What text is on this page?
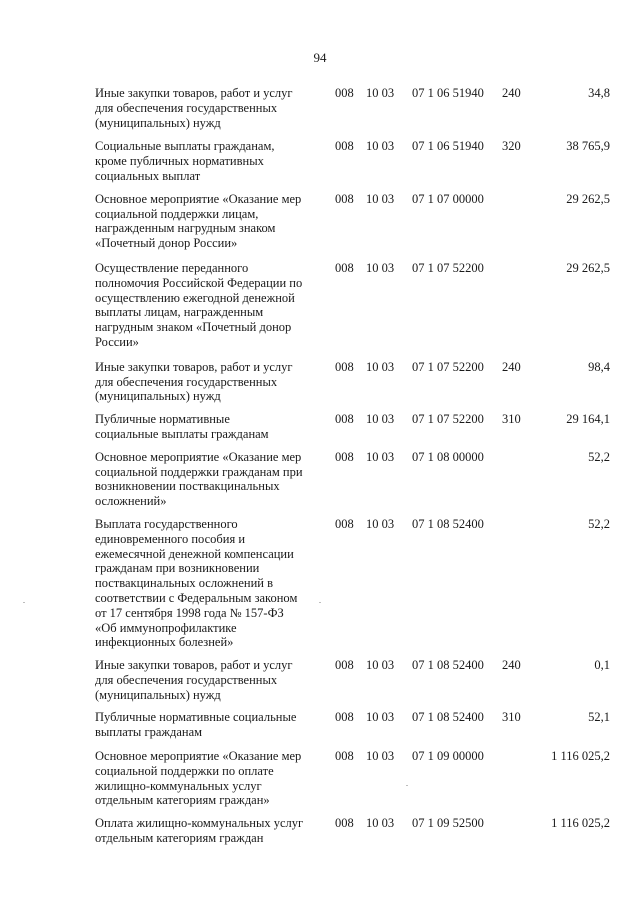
94
Иные закупки товаров, работ и услуг
для обеспечения государственных
(муниципальных) нужд
008 10 03 07 1 06 51940 240	34,8
Социальные выплаты гражданам,
кроме публичных нормативных
социальных выплат
008 10 03 07 1 06 51940 320	38 765,9
Основное мероприятие «Оказание мер
социальной поддержки лицам,
награжденным нагрудным знаком
«Почетный донор России»
008 10 03 07 1 07 00000	29 262,5
Осуществление переданного
полномочия Российской Федерации по
осуществлению ежегодной денежной
выплаты лицам, награжденным
нагрудным знаком «Почетный донор
России»
008 10 03 07 1 07 52200	29 262,5
Иные закупки товаров, работ и услуг
для обеспечения государственных
(муниципальных) нужд
008 10 03 07 1 07 52200 240	98,4
Публичные нормативные
социальные выплаты гражданам
008 10 03 07 1 07 52200 310	29 164,1
Основное мероприятие «Оказание мер
социальной поддержки гражданам при
возникновении поствакцинальных
осложнений»
008 10 03 07 1 08 00000	52,2
Выплата государственного
единовременного пособия и
ежемесячной денежной компенсации
гражданам при возникновении
поствакцинальных осложнений в
соответствии с Федеральным законом
от 17 сентября 1998 года № 157-ФЗ
«Об иммунопрофилактике
инфекционных болезней»
008 10 03 07 1 08 52400	52,2
Иные закупки товаров, работ и услуг
для обеспечения государственных
(муниципальных) нужд
008 10 03 07 1 08 52400 240	0,1
Публичные нормативные социальные
выплаты гражданам
008 10 03 07 1 08 52400 310	52,1
Основное мероприятие «Оказание мер
социальной поддержки по оплате
жилищно-коммунальных услуг
отдельным категориям граждан»
008 10 03 07 1 09 00000	1 116 025,2
Оплата жилищно-коммунальных услуг
отдельным категориям граждан
008 10 03 07 1 09 52500	1 116 025,2
